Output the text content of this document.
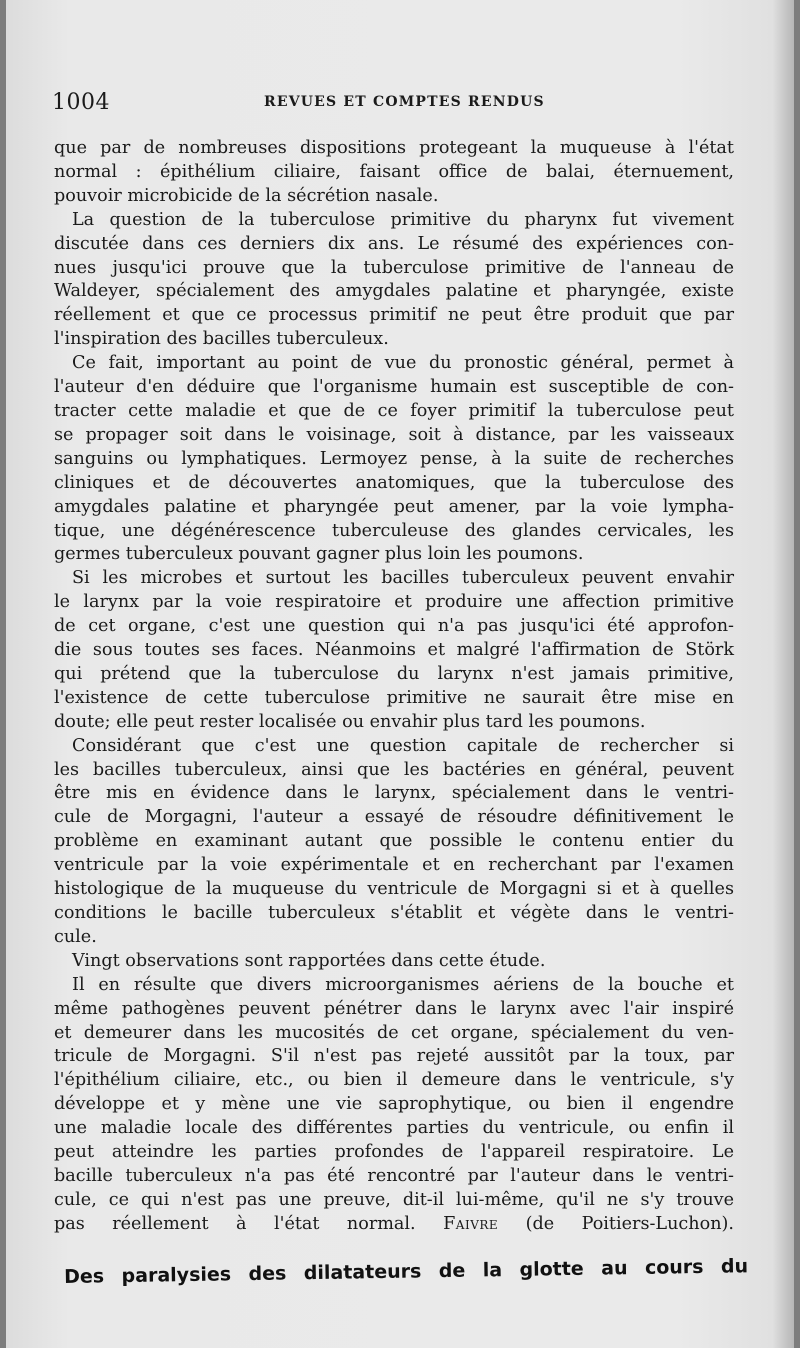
1004	REVUES ET COMPTES RENDUS
que par de nombreuses dispositions protegeant la muqueuse à l'état
normal : épithélium ciliaire, faisant office de balai, éternuement,
pouvoir microbicide de la sécrétion nasale.
La question de la tuberculose primitive du pharynx fut vivement
discutée dans ces derniers dix ans. Le résumé des expériences con-
nues jusqu'ici prouve que la tuberculose primitive de l'anneau de
Waldeyer, spécialement des amygdales palatine et pharyngée, existe
réellement et que ce processus primitif ne peut être produit que par
l'inspiration des bacilles tuberculeux.
Ce fait, important au point de vue du pronostic général, permet à
l'auteur d'en déduire que l'organisme humain est susceptible de con-
tracter cette maladie et que de ce foyer primitif la tuberculose peut
se propager soit dans le voisinage, soit à distance, par les vaisseaux
sanguins ou lymphatiques. Lermoyez pense, à la suite de recherches
cliniques et de découvertes anatomiques, que la tuberculose des
amygdales palatine et pharyngée peut amener, par la voie lympha-
tique, une dégénérescence tuberculeuse des glandes cervicales, les
germes tuberculeux pouvant gagner plus loin les poumons.
Si les microbes et surtout les bacilles tuberculeux peuvent envahir
le larynx par la voie respiratoire et produire une affection primitive
de cet organe, c'est une question qui n'a pas jusqu'ici été approfon-
die sous toutes ses faces. Néanmoins et malgré l'affirmation de Störk
qui prétend que la tuberculose du larynx n'est jamais primitive,
l'existence de cette tuberculose primitive ne saurait être mise en
doute; elle peut rester localisée ou envahir plus tard les poumons.
Considérant que c'est une question capitale de rechercher si
les bacilles tuberculeux, ainsi que les bactéries en général, peuvent
être mis en évidence dans le larynx, spécialement dans le ventri-
cule de Morgagni, l'auteur a essayé de résoudre définitivement le
problème en examinant autant que possible le contenu entier du
ventricule par la voie expérimentale et en recherchant par l'examen
histologique de la muqueuse du ventricule de Morgagni si et à quelles
conditions le bacille tuberculeux s'établit et végète dans le ventri-
cule.
Vingt observations sont rapportées dans cette étude.
Il en résulte que divers microorganismes aériens de la bouche et
même pathogènes peuvent pénétrer dans le larynx avec l'air inspiré
et demeurer dans les mucosités de cet organe, spécialement du ven-
tricule de Morgagni. S'il n'est pas rejeté aussitôt par la toux, par
l'épithélium ciliaire, etc., ou bien il demeure dans le ventricule, s'y
développe et y mène une vie saprophytique, ou bien il engendre
une maladie locale des différentes parties du ventricule, ou enfin il
peut atteindre les parties profondes de l'appareil respiratoire. Le
bacille tuberculeux n'a pas été rencontré par l'auteur dans le ventri-
cule, ce qui n'est pas une preuve, dit-il lui-même, qu'il ne s'y trouve
pas réellement à l'état normal. Faivre (de Poitiers-Luchon).
Des paralysies des dilatateurs de la glotte au cours du
